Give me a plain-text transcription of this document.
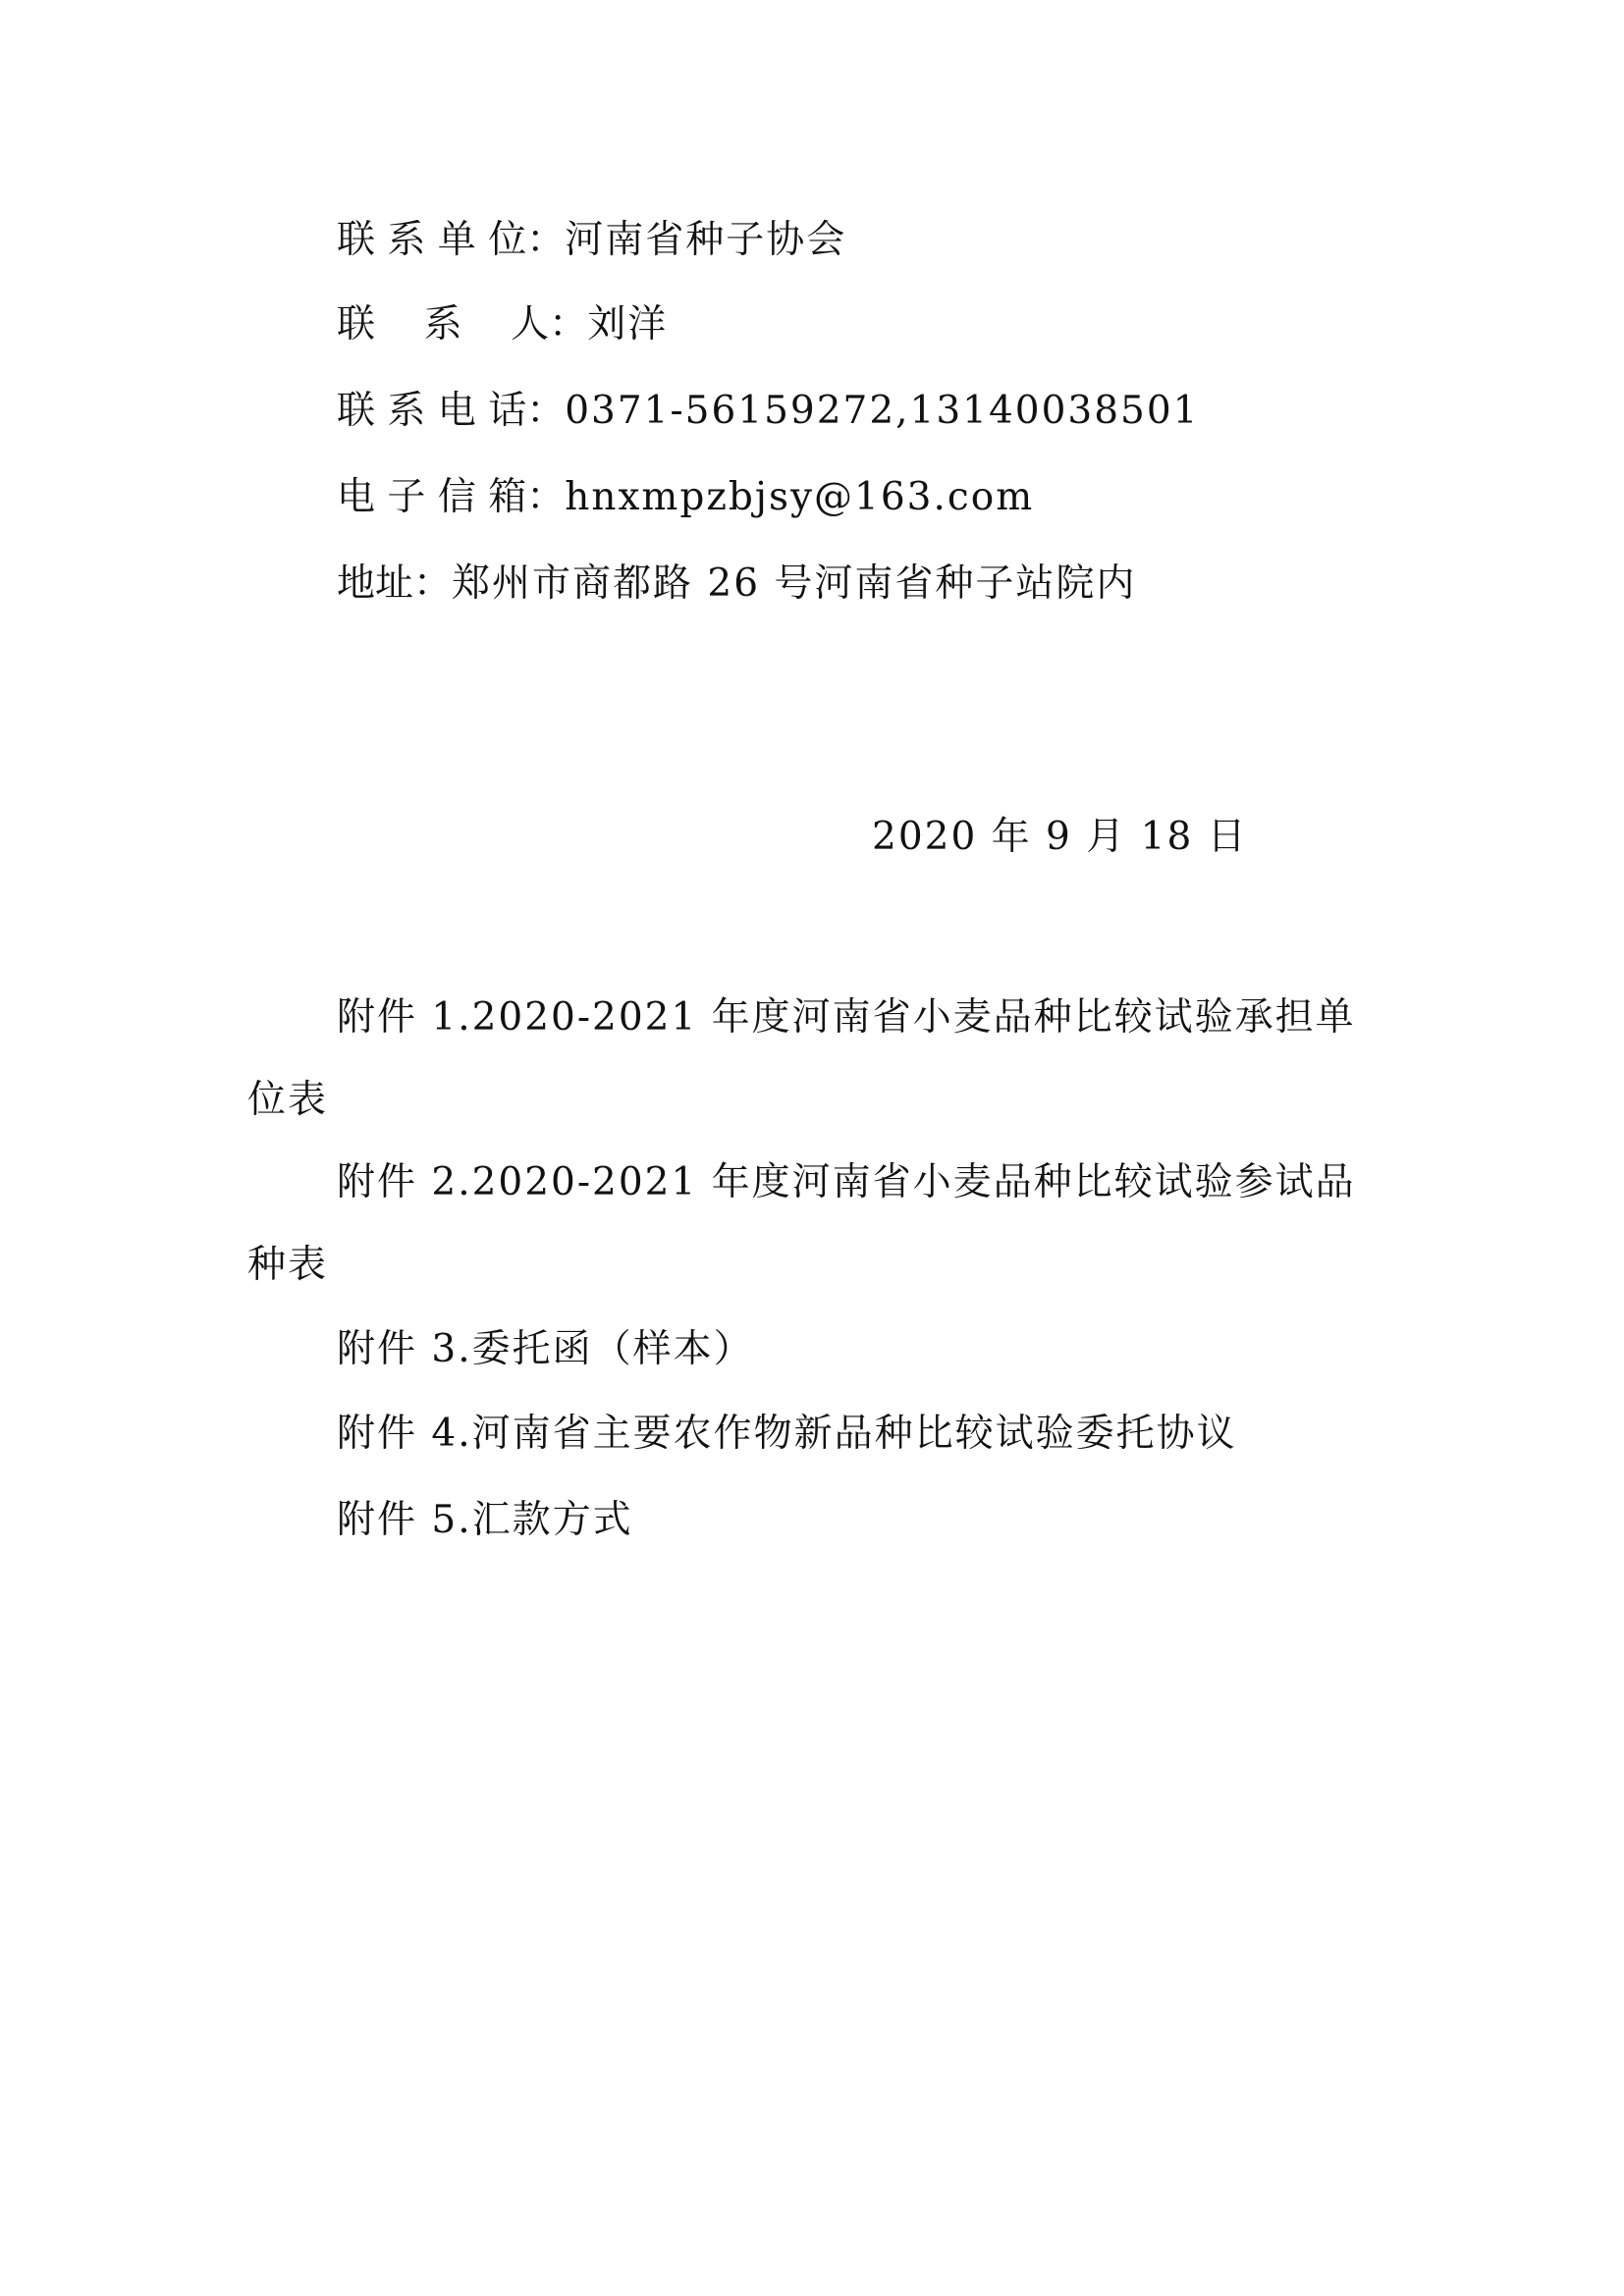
联 系 单 位：河南省种子协会
联    系    人：刘洋
联 系 电 话：0371-56159272,13140038501
电 子 信 箱：hnxmpzbjsy@163.com
地址：郑州市商都路 26 号河南省种子站院内
2020 年 9 月 18 日
附件 1.2020-2021 年度河南省小麦品种比较试验承担单
位表
附件 2.2020-2021 年度河南省小麦品种比较试验参试品
种表
附件 3.委托函（样本）
附件 4.河南省主要农作物新品种比较试验委托协议
附件 5.汇款方式
